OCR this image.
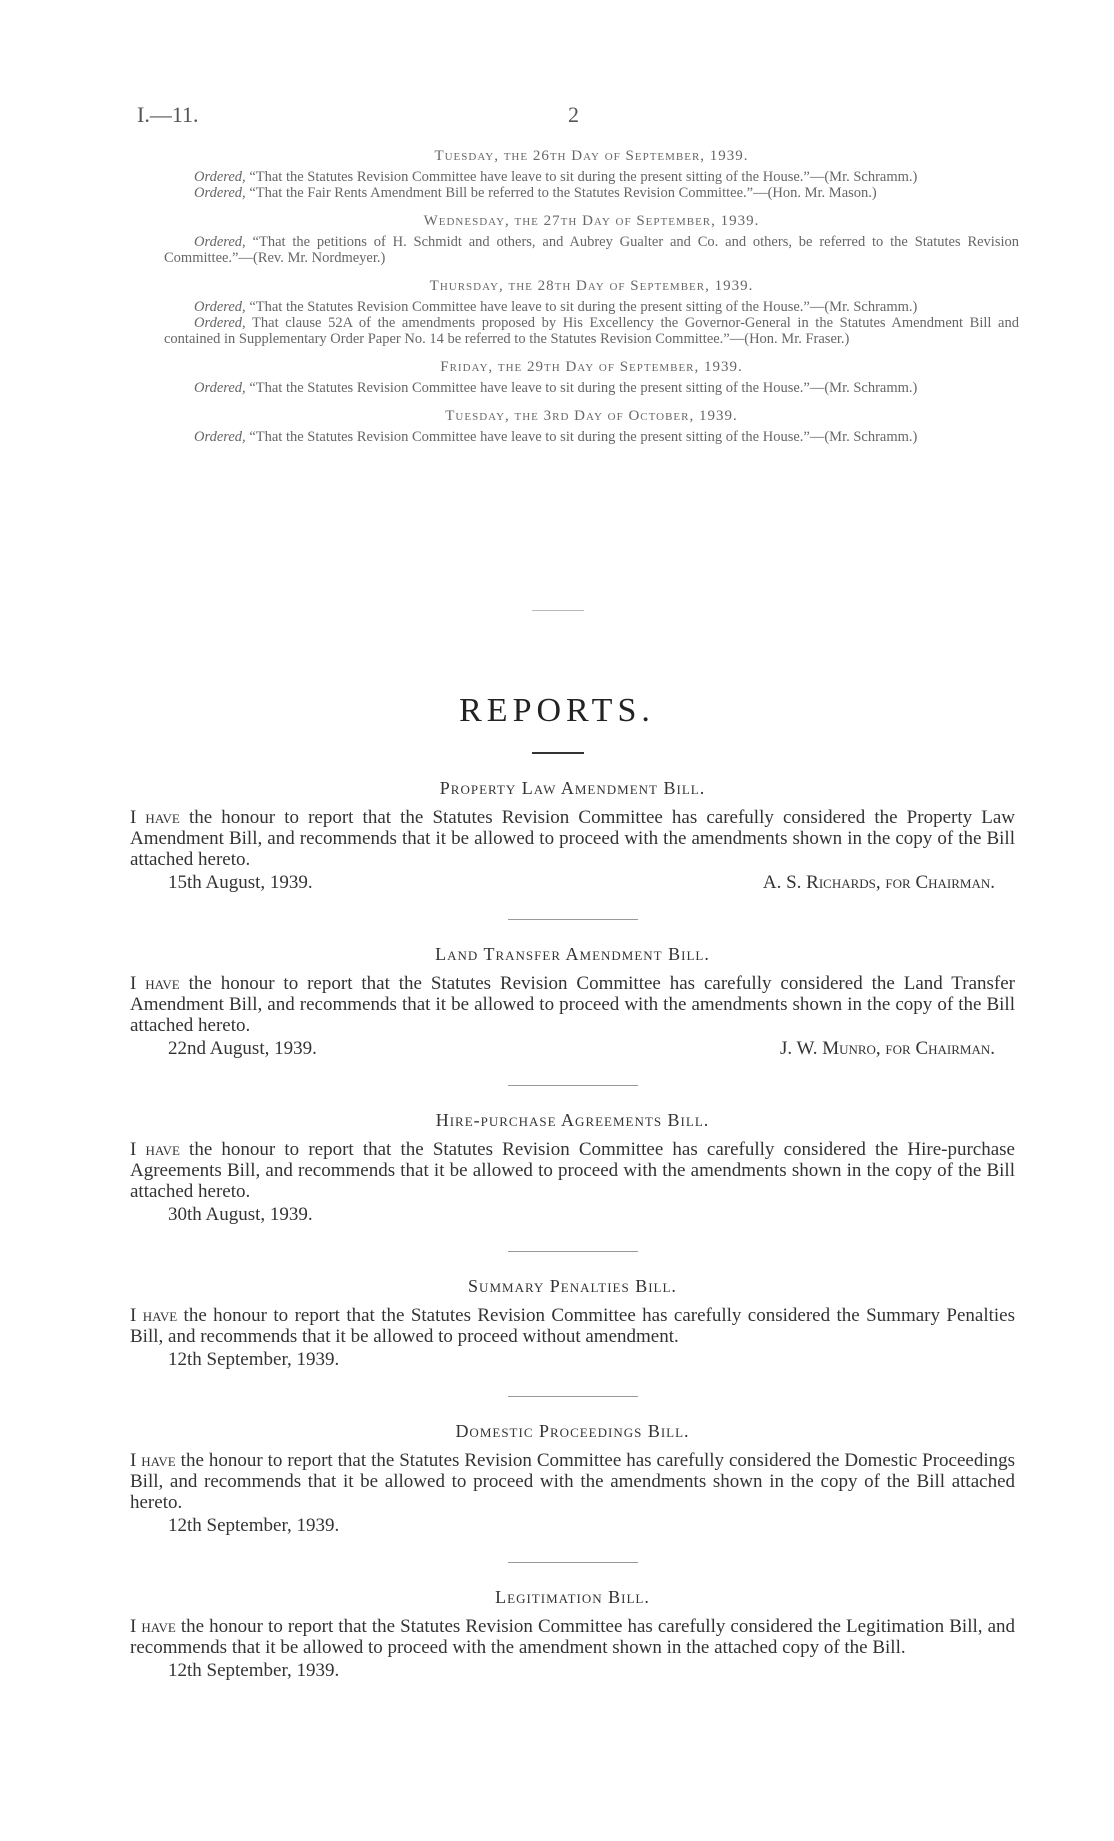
I.—11.	2

Tuesday, the 26th Day of September, 1939.

Ordered, “That the Statutes Revision Committee have leave to sit during the present sitting of the House.”—(Mr. Schramm.)

Ordered, “That the Fair Rents Amendment Bill be referred to the Statutes Revision Committee.”—(Hon. Mr. Mason.)

Wednesday, the 27th Day of September, 1939.

Ordered, “That the petitions of H. Schmidt and others, and Aubrey Gualter and Co. and others, be referred to the Statutes Revision Committee.”—(Rev. Mr. Nordmeyer.)

Thursday, the 28th Day of September, 1939.

Ordered, “That the Statutes Revision Committee have leave to sit during the present sitting of the House.”—(Mr. Schramm.)

Ordered, That clause 52A of the amendments proposed by His Excellency the Governor-General in the Statutes Amendment Bill and contained in Supplementary Order Paper No. 14 be referred to the Statutes Revision Committee.”—(Hon. Mr. Fraser.)

Friday, the 29th Day of September, 1939.

Ordered, “That the Statutes Revision Committee have leave to sit during the present sitting of the House.”—(Mr. Schramm.)

Tuesday, the 3rd Day of October, 1939.

Ordered, “That the Statutes Revision Committee have leave to sit during the present sitting of the House.”—(Mr. Schramm.)

REPORTS.

Property Law Amendment Bill.

I have the honour to report that the Statutes Revision Committee has carefully considered the Property Law Amendment Bill, and recommends that it be allowed to proceed with the amendments shown in the copy of the Bill attached hereto.

15th August, 1939.	A. S. Richards, for Chairman.

Land Transfer Amendment Bill.

I have the honour to report that the Statutes Revision Committee has carefully considered the Land Transfer Amendment Bill, and recommends that it be allowed to proceed with the amendments shown in the copy of the Bill attached hereto.

22nd August, 1939.	J. W. Munro, for Chairman.

Hire-purchase Agreements Bill.

I have the honour to report that the Statutes Revision Committee has carefully considered the Hire-purchase Agreements Bill, and recommends that it be allowed to proceed with the amendments shown in the copy of the Bill attached hereto.

30th August, 1939.

Summary Penalties Bill.

I have the honour to report that the Statutes Revision Committee has carefully considered the Summary Penalties Bill, and recommends that it be allowed to proceed without amendment.

12th September, 1939.

Domestic Proceedings Bill.

I have the honour to report that the Statutes Revision Committee has carefully considered the Domestic Proceedings Bill, and recommends that it be allowed to proceed with the amendments shown in the copy of the Bill attached hereto.

12th September, 1939.

Legitimation Bill.

I have the honour to report that the Statutes Revision Committee has carefully considered the Legitimation Bill, and recommends that it be allowed to proceed with the amendment shown in the attached copy of the Bill.

12th September, 1939.
